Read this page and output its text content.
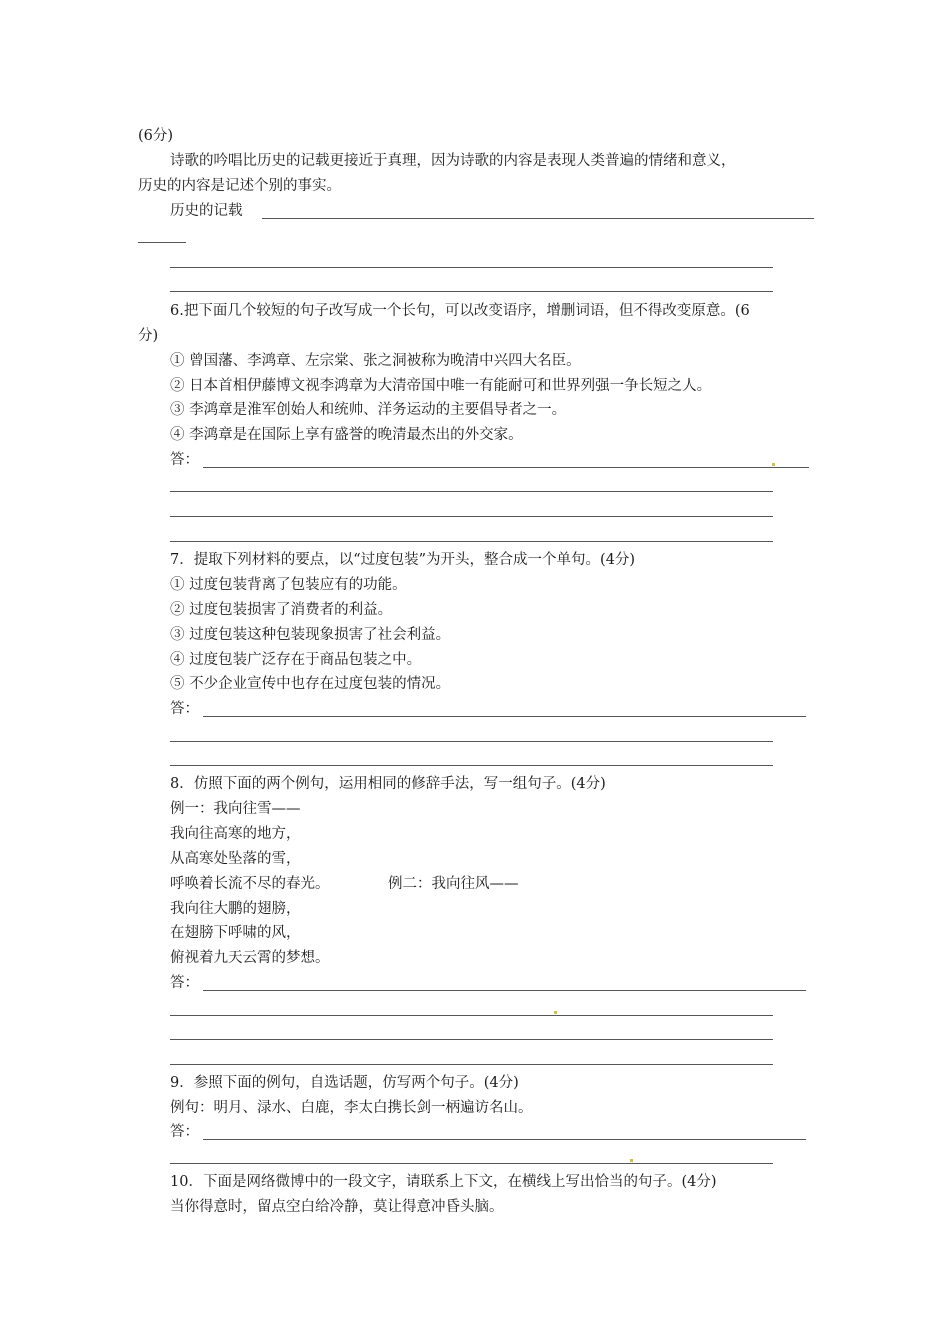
(6分)
诗歌的吟唱比历史的记载更接近于真理，因为诗歌的内容是表现人类普遍的情绪和意义，
历史的内容是记述个别的事实。
历史的记载
6.把下面几个较短的句子改写成一个长句，可以改变语序，增删词语，但不得改变原意。(6
分)
① 曾国藩、李鸿章、左宗棠、张之洞被称为晚清中兴四大名臣。
② 日本首相伊藤博文视李鸿章为大清帝国中唯一有能耐可和世界列强一争长短之人。
③ 李鸿章是淮军创始人和统帅、洋务运动的主要倡导者之一。
④ 李鸿章是在国际上享有盛誉的晚清最杰出的外交家。
答：
7．提取下列材料的要点，以“过度包装”为开头，整合成一个单句。(4分)
① 过度包装背离了包装应有的功能。
② 过度包装损害了消费者的利益。
③ 过度包装这种包装现象损害了社会利益。
④ 过度包装广泛存在于商品包装之中。
⑤ 不少企业宣传中也存在过度包装的情况。
答：
8．仿照下面的两个例句，运用相同的修辞手法，写一组句子。(4分)
例一：我向往雪——
我向往高寒的地方，
从高寒处坠落的雪，
呼唤着长流不尽的春光。	例二：我向往风——
我向往大鹏的翅膀，
在翅膀下呼啸的风，
俯视着九天云霄的梦想。
答：
9．参照下面的例句，自选话题，仿写两个句子。(4分)
例句：明月、渌水、白鹿，李太白携长剑一柄遍访名山。
答：
10．下面是网络微博中的一段文字，请联系上下文，在横线上写出恰当的句子。(4分)
当你得意时，留点空白给冷静，莫让得意冲昏头脑。
